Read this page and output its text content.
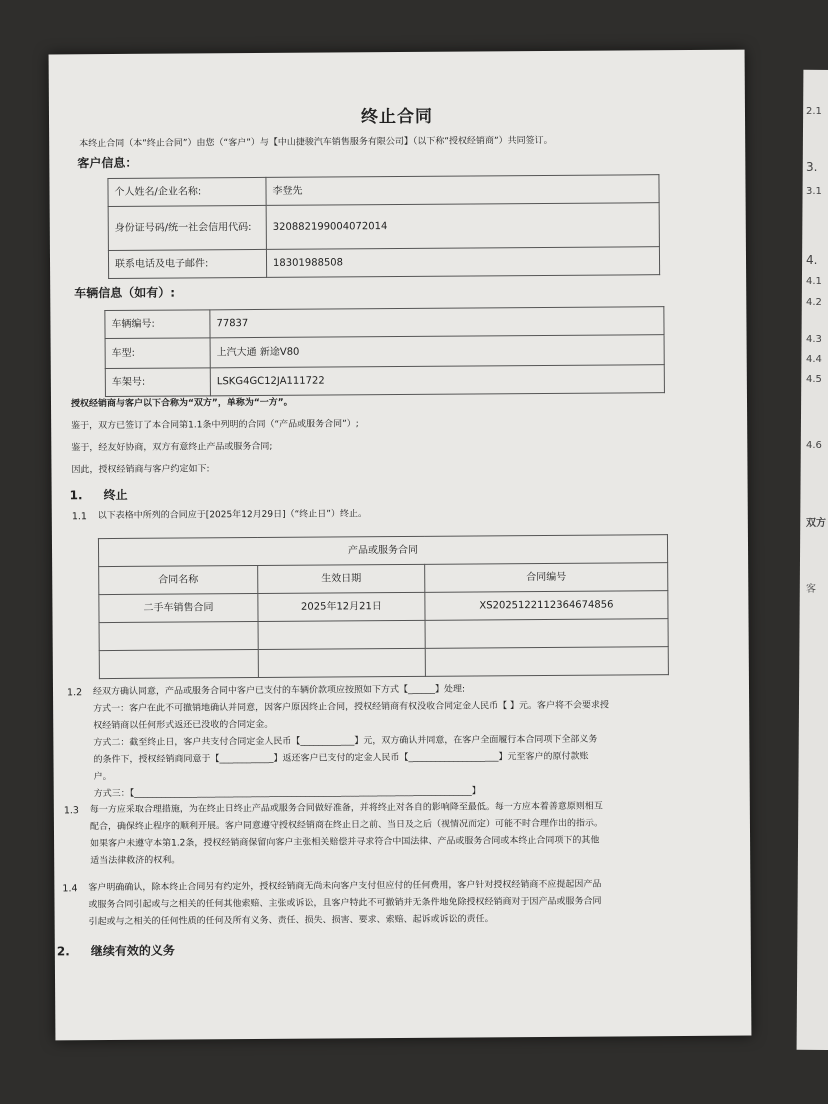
2.1
3.
3.1
4.
4.1
4.2
4.3
4.4
4.5
4.6
双方
客
终止合同
本终止合同（本“终止合同”）由您（“客户”）与【中山捷骏汽车销售服务有限公司】（以下称“授权经销商”）共同签订。
客户信息：
个人姓名/企业名称:	李登先
身份证号码/统一社会信用代码:	320882199004072014
联系电话及电子邮件:	18301988508
车辆信息（如有）:
车辆编号:	77837
车型:	上汽大通 新途V80
车架号:	LSKG4GC12JA111722
授权经销商与客户以下合称为“双方”，单称为“一方”。
鉴于，双方已签订了本合同第1.1条中列明的合同（“产品或服务合同”）;
鉴于，经友好协商，双方有意终止产品或服务合同;
因此，授权经销商与客户约定如下:
1. 终止
1.1 以下表格中所列的合同应于[2025年12月29日]（“终止日”）终止。
产品或服务合同		
合同名称	生效日期	合同编号
二手车销售合同	2025年12月21日	XS2025122112364674856

1.2 经双方确认同意，产品或服务合同中客户已支付的车辆价款项应按照如下方式【______】处理:
方式一：客户在此不可撤销地确认并同意，因客户原因终止合同，授权经销商有权没收合同定金人民币【 】元。客户将不会要求授
权经销商以任何形式返还已没收的合同定金。
方式二：截至终止日，客户共支付合同定金人民币【____________】元，双方确认并同意，在客户全面履行本合同项下全部义务
的条件下，授权经销商同意于【____________】返还客户已支付的定金人民币【____________________】元至客户的原付款账
户。
方式三：【___________________________________________________________________________】
1.3 每一方应采取合理措施，为在终止日终止产品或服务合同做好准备，并将终止对各自的影响降至最低。每一方应本着善意原则相互
配合，确保终止程序的顺利开展。客户同意遵守授权经销商在终止日之前、当日及之后（视情况而定）可能不时合理作出的指示。
如果客户未遵守本第1.2条，授权经销商保留向客户主张相关赔偿并寻求符合中国法律、产品或服务合同或本终止合同项下的其他
适当法律救济的权利。
1.4 客户明确确认，除本终止合同另有约定外，授权经销商无尚未向客户支付但应付的任何费用，客户针对授权经销商不应提起因产品
或服务合同引起或与之相关的任何其他索赔、主张或诉讼，且客户特此不可撤销并无条件地免除授权经销商对于因产品或服务合同
引起或与之相关的任何性质的任何及所有义务、责任、损失、损害、要求、索赔、起诉或诉讼的责任。
2. 继续有效的义务
